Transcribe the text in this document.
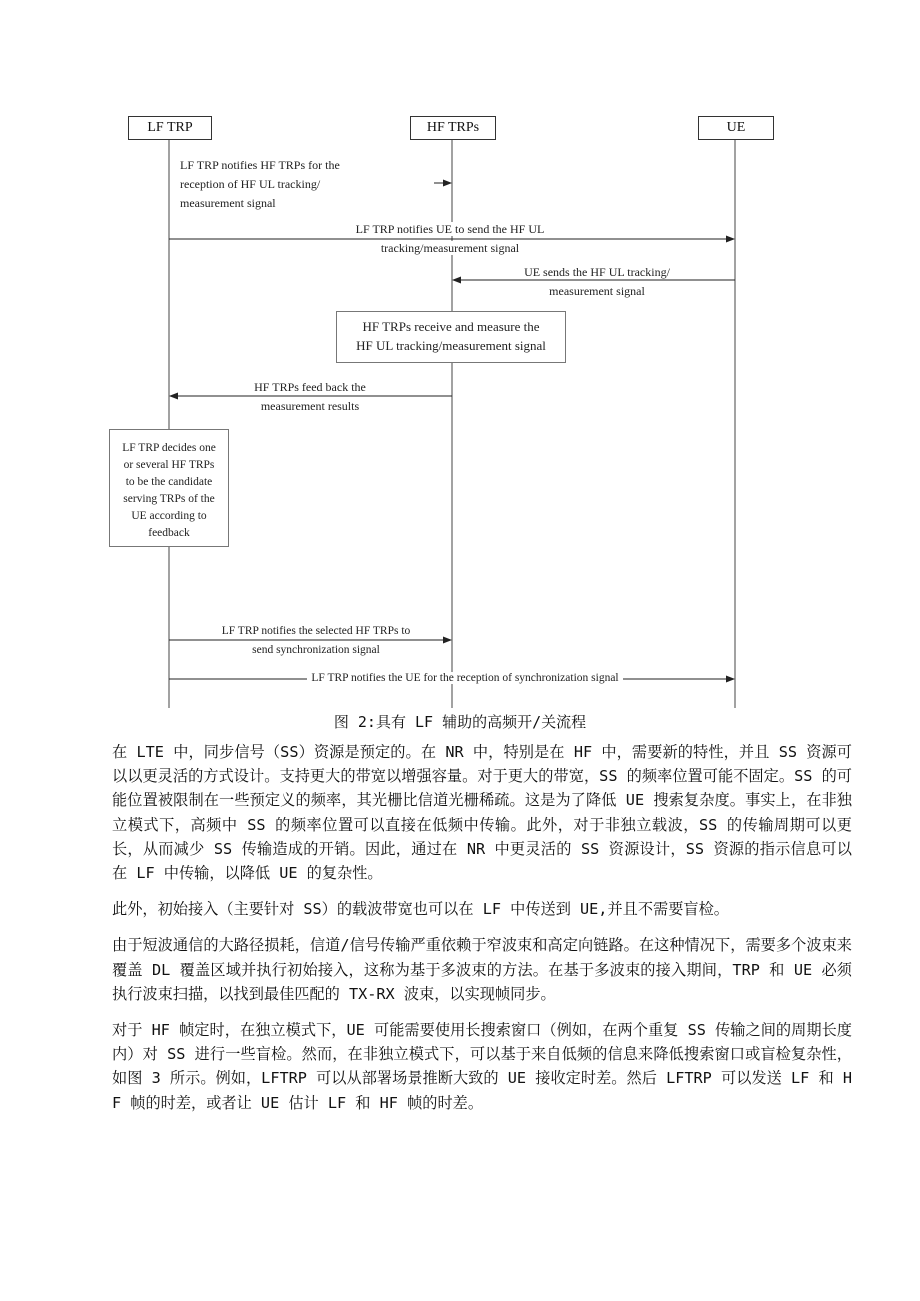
LF TRP	HF TRPs	UE
LF TRP notifies HF TRPs for the
reception of HF UL tracking/
measurement signal
LF TRP notifies UE to send the HF UL
tracking/measurement signal
UE sends the HF UL tracking/
measurement signal
HF TRPs receive and measure the
HF UL tracking/measurement signal
HF TRPs feed back the
measurement results
LF TRP decides one
or several HF TRPs
to be the candidate
serving TRPs of the
UE according to
feedback
LF TRP notifies the selected HF TRPs to
send synchronization signal
LF TRP notifies the UE for the reception of synchronization signal
图 2:具有 LF 辅助的高频开/关流程

在 LTE 中，同步信号（SS）资源是预定的。在 NR 中，特别是在 HF 中，需要新的特性，并且 SS 资源可以以更灵活的方式设计。支持更大的带宽以增强容量。对于更大的带宽，SS 的频率位置可能不固定。SS 的可能位置被限制在一些预定义的频率，其光栅比信道光栅稀疏。这是为了降低 UE 搜索复杂度。事实上，在非独立模式下，高频中 SS 的频率位置可以直接在低频中传输。此外，对于非独立载波，SS 的传输周期可以更长，从而减少 SS 传输造成的开销。因此，通过在 NR 中更灵活的 SS 资源设计，SS 资源的指示信息可以在 LF 中传输，以降低 UE 的复杂性。

此外，初始接入（主要针对 SS）的载波带宽也可以在 LF 中传送到 UE,并且不需要盲检。

由于短波通信的大路径损耗，信道/信号传输严重依赖于窄波束和高定向链路。在这种情况下，需要多个波束来覆盖 DL 覆盖区域并执行初始接入，这称为基于多波束的方法。在基于多波束的接入期间，TRP 和 UE 必须执行波束扫描，以找到最佳匹配的 TX-RX 波束，以实现帧同步。

对于 HF 帧定时，在独立模式下，UE 可能需要使用长搜索窗口（例如，在两个重复 SS 传输之间的周期长度内）对 SS 进行一些盲检。然而，在非独立模式下，可以基于来自低频的信息来降低搜索窗口或盲检复杂性，如图 3 所示。例如，LFTRP 可以从部署场景推断大致的 UE 接收定时差。然后 LFTRP 可以发送 LF 和 HF 帧的时差，或者让 UE 估计 LF 和 HF 帧的时差。
